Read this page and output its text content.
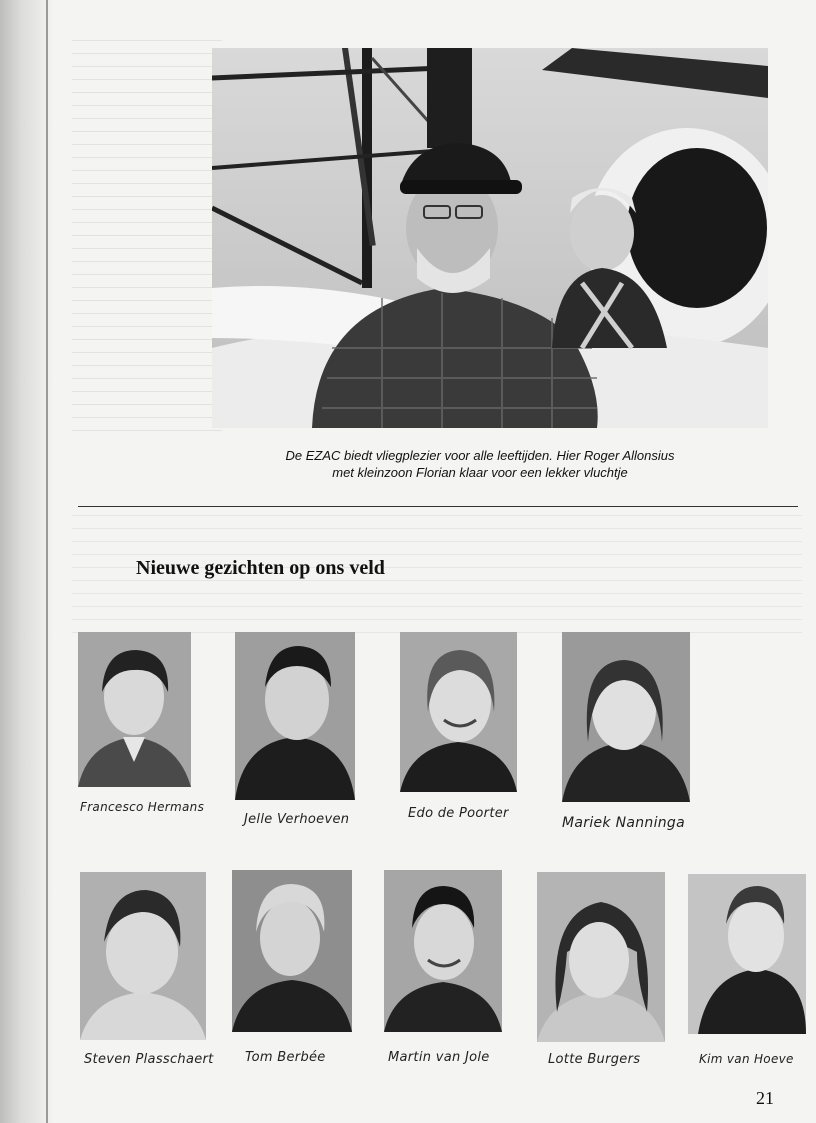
De EZAC biedt vliegplezier voor alle leeftijden. Hier Roger Allonsius
met kleinzoon Florian klaar voor een lekker vluchtje
Nieuwe gezichten op ons veld
Francesco Hermans
Jelle Verhoeven	Edo de Poorter
Mariek Nanninga
Steven Plasschaert Tom Berbée	Martin van Jole	Lotte Burgers	Kim van Hoeve
21
